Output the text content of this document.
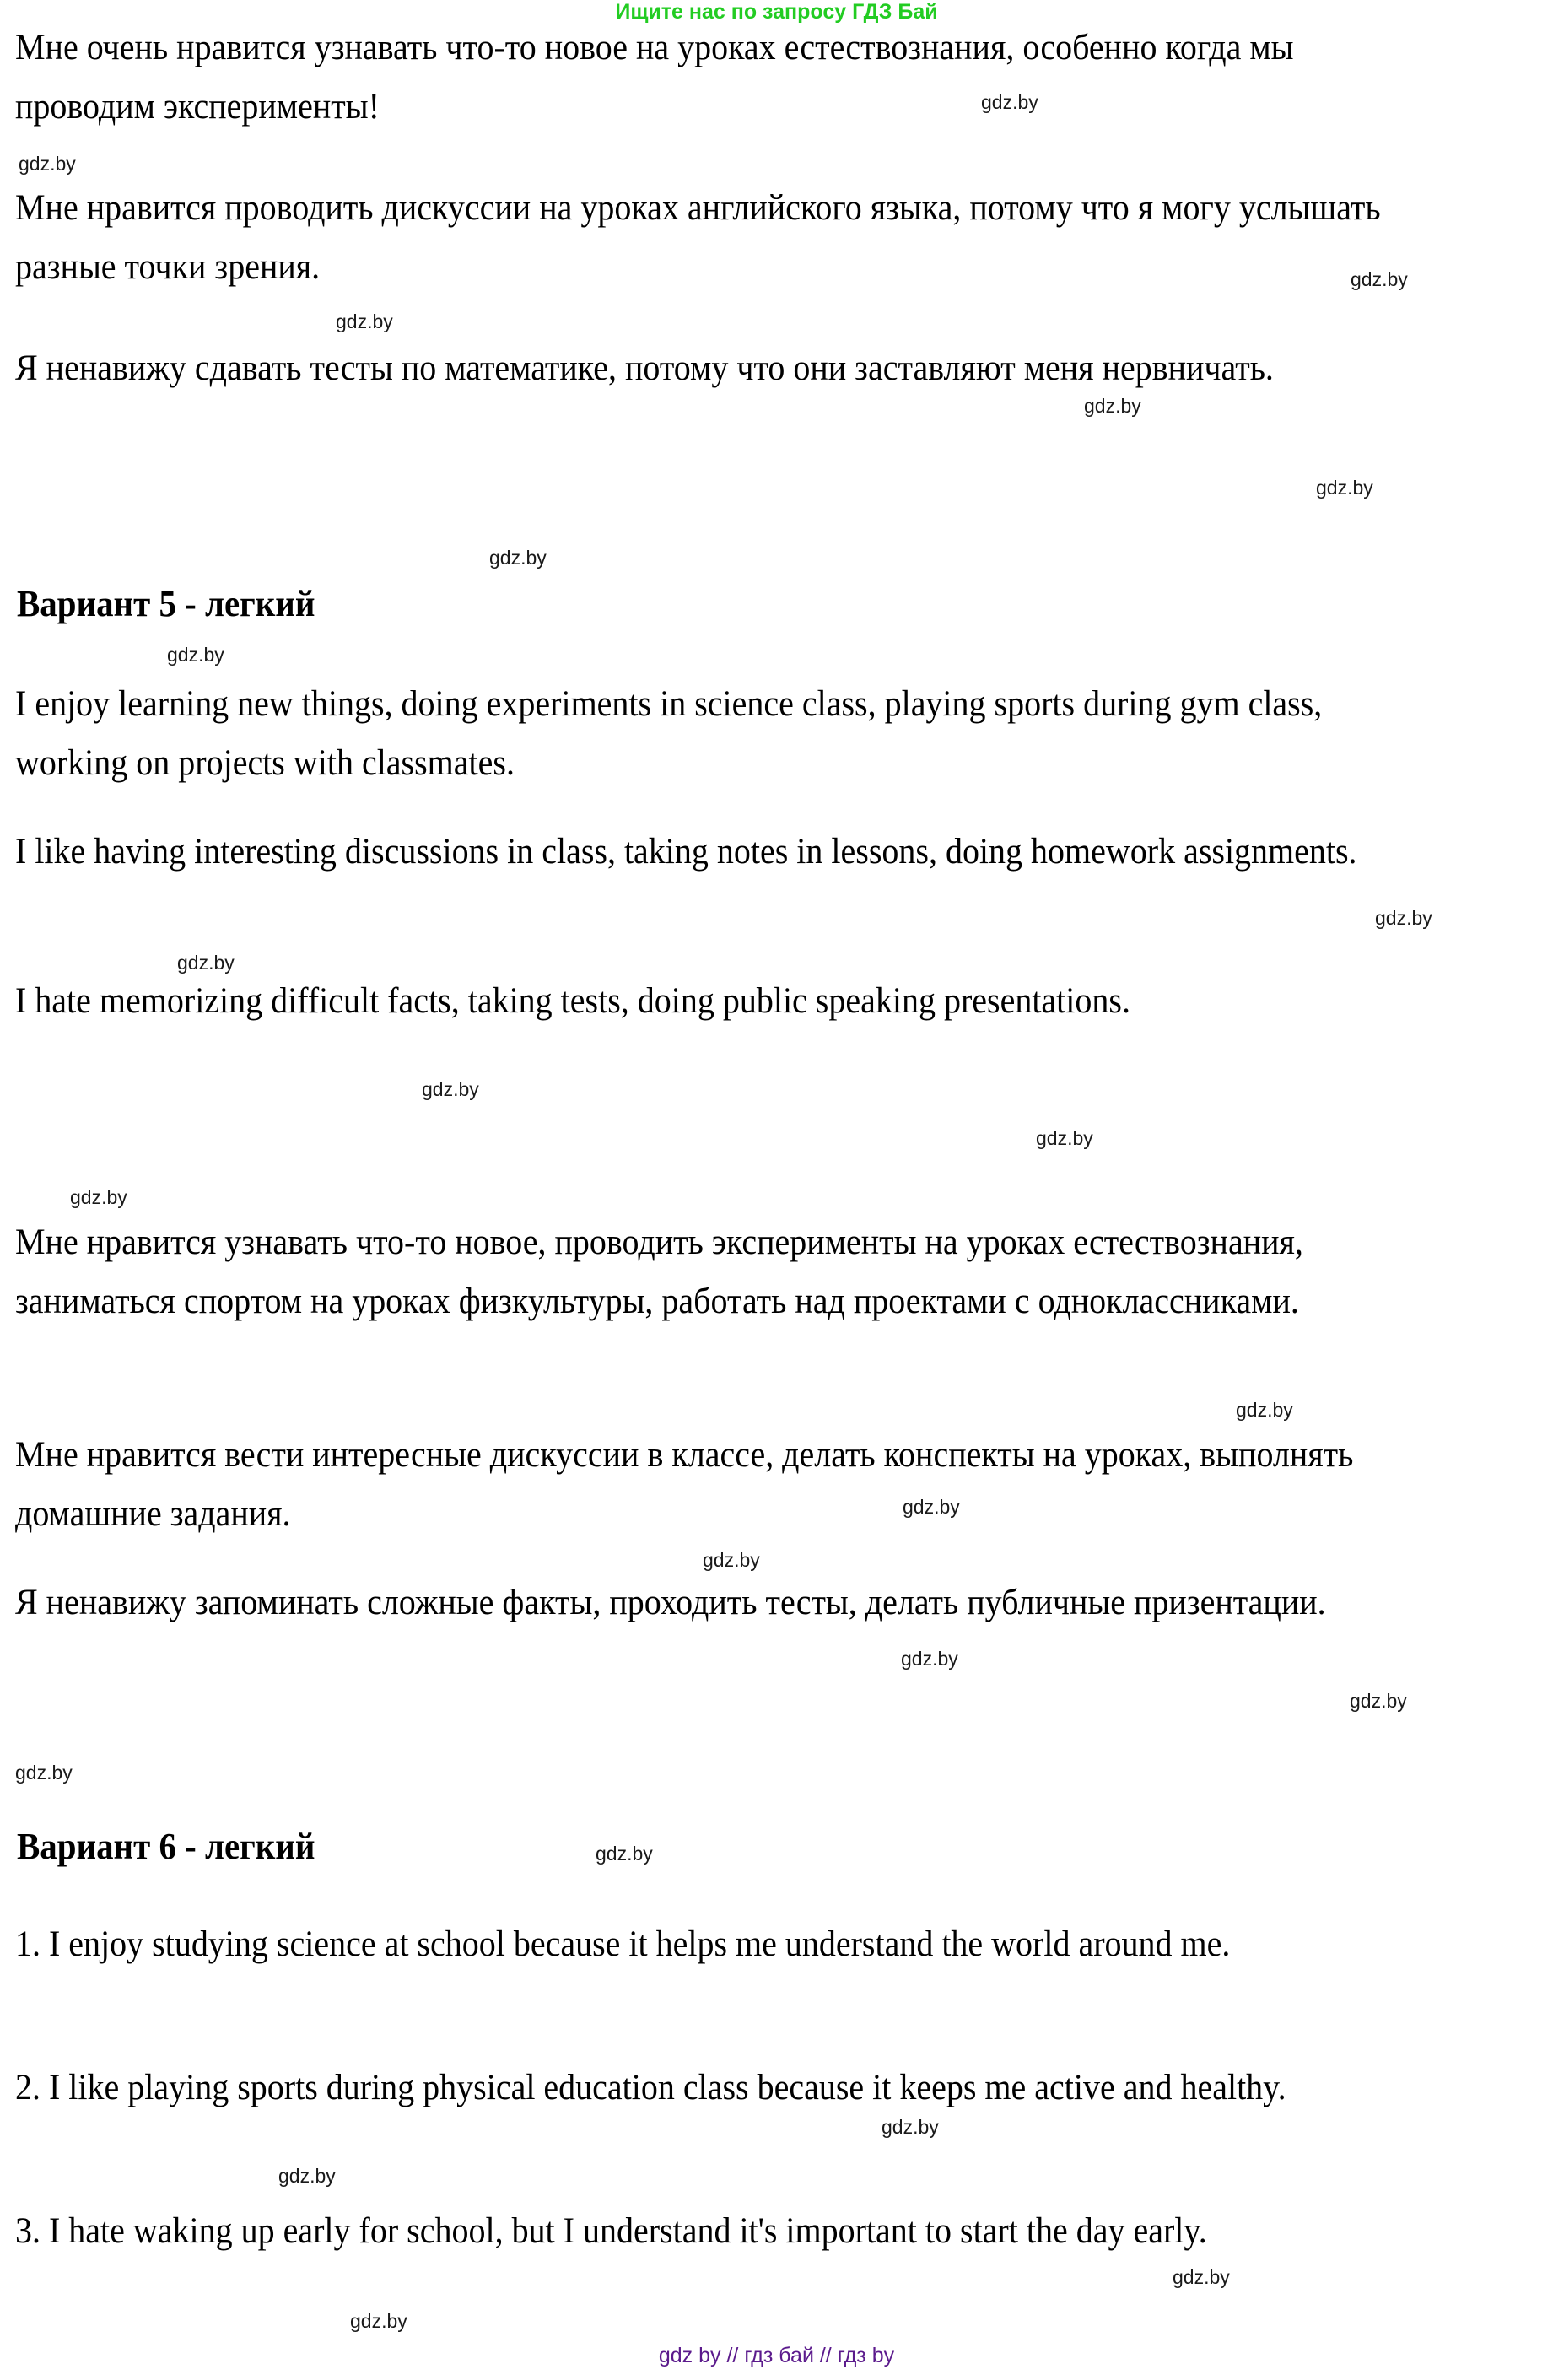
Ищите нас по запросу ГДЗ Бай
Мне очень нравится узнавать что-то новое на уроках естествознания, особенно когда мы проводим эксперименты!
Мне нравится проводить дискуссии на уроках английского языка, потому что я могу услышать разные точки зрения.
Я ненавижу сдавать тесты по математике, потому что они заставляют меня нервничать.
Вариант 5 - легкий
I enjoy learning new things, doing experiments in science class, playing sports during gym class, working on projects with classmates.
I like having interesting discussions in class, taking notes in lessons, doing homework assignments.
I hate memorizing difficult facts, taking tests, doing public speaking presentations.
Мне нравится узнавать что-то новое, проводить эксперименты на уроках естествознания, заниматься спортом на уроках физкультуры, работать над проектами с одноклассниками.
Мне нравится вести интересные дискуссии в классе, делать конспекты на уроках, выполнять домашние задания.
Я ненавижу запоминать сложные факты, проходить тесты, делать публичные призентации.
Вариант 6 - легкий
1. I enjoy studying science at school because it helps me understand the world around me.
2. I like playing sports during physical education class because it keeps me active and healthy.
3. I hate waking up early for school, but I understand it's important to start the day early.
gdz.by
gdz.by
gdz.by
gdz.by
gdz.by
gdz.by
gdz.by
gdz.by
gdz.by
gdz.by
gdz.by
gdz.by
gdz.by
gdz.by
gdz.by
gdz.by
gdz.by
gdz.by
gdz.by
gdz.by
gdz.by
gdz.by
gdz.by
gdz.by
gdz by // гдз бай // гдз by
